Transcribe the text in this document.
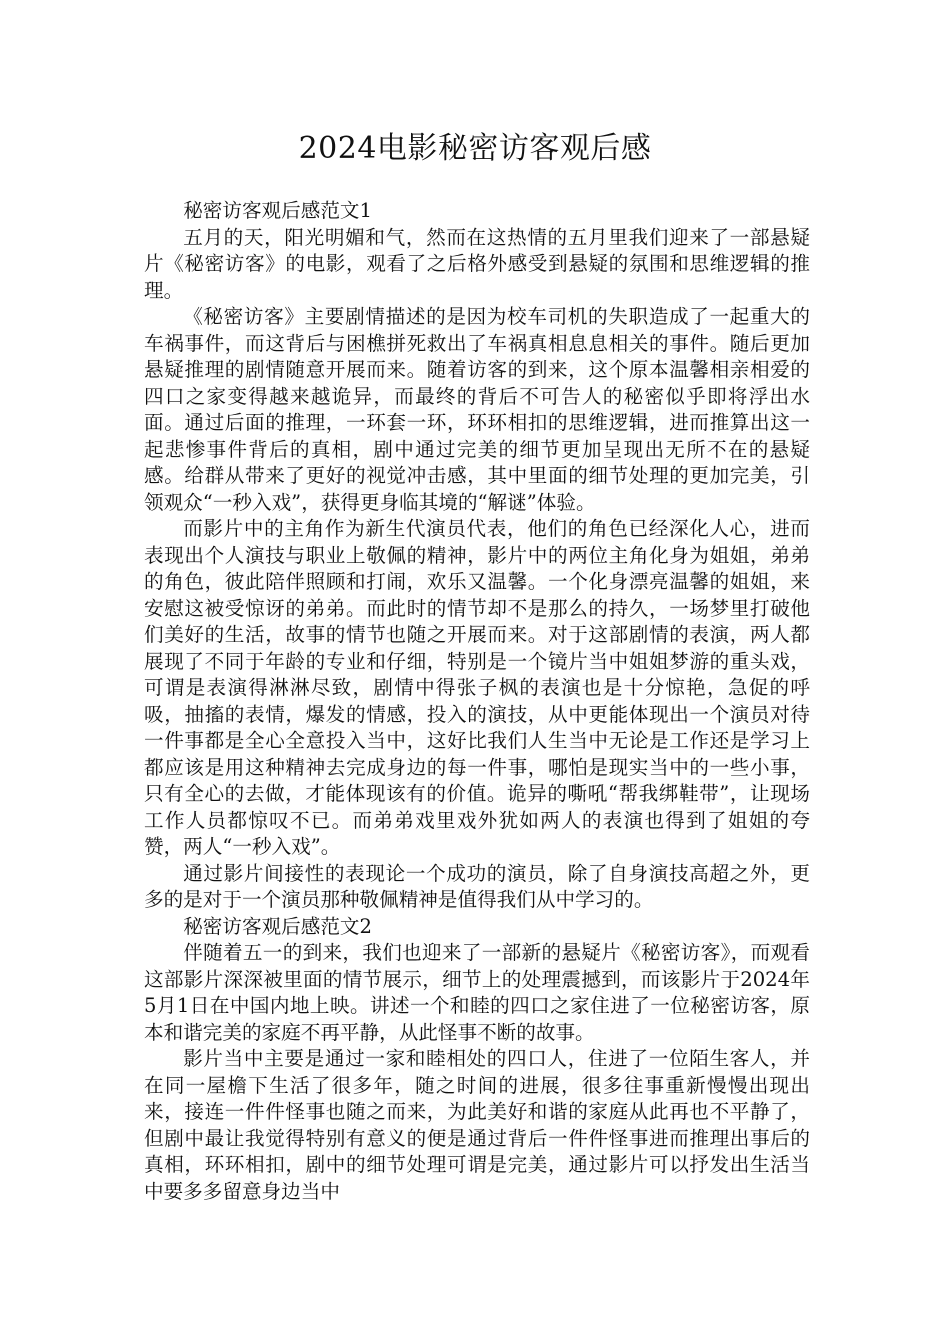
2024电影秘密访客观后感

秘密访客观后感范文1

五月的天，阳光明媚和气，然而在这热情的五月里我们迎来了一部悬疑片《秘密访客》的电影，观看了之后格外感受到悬疑的氛围和思维逻辑的推理。

《秘密访客》主要剧情描述的是因为校车司机的失职造成了一起重大的车祸事件，而这背后与困樵拼死救出了车祸真相息息相关的事件。随后更加悬疑推理的剧情随意开展而来。随着访客的到来，这个原本温馨相亲相爱的四口之家变得越来越诡异，而最终的背后不可告人的秘密似乎即将浮出水面。通过后面的推理，一环套一环，环环相扣的思维逻辑，进而推算出这一起悲惨事件背后的真相，剧中通过完美的细节更加呈现出无所不在的悬疑感。给群从带来了更好的视觉冲击感，其中里面的细节处理的更加完美，引领观众“一秒入戏”，获得更身临其境的“解谜”体验。

而影片中的主角作为新生代演员代表，他们的角色已经深化人心，进而表现出个人演技与职业上敬佩的精神，影片中的两位主角化身为姐姐，弟弟的角色，彼此陪伴照顾和打闹，欢乐又温馨。一个化身漂亮温馨的姐姐，来安慰这被受惊讶的弟弟。而此时的情节却不是那么的持久，一场梦里打破他们美好的生活，故事的情节也随之开展而来。对于这部剧情的表演，两人都展现了不同于年龄的专业和仔细，特别是一个镜片当中姐姐梦游的重头戏，可谓是表演得淋淋尽致，剧情中得张子枫的表演也是十分惊艳，急促的呼吸，抽搐的表情，爆发的情感，投入的演技，从中更能体现出一个演员对待一件事都是全心全意投入当中，这好比我们人生当中无论是工作还是学习上都应该是用这种精神去完成身边的每一件事，哪怕是现实当中的一些小事，只有全心的去做，才能体现该有的价值。诡异的嘶吼“帮我绑鞋带”，让现场工作人员都惊叹不已。而弟弟戏里戏外犹如两人的表演也得到了姐姐的夸赞，两人“一秒入戏”。

通过影片间接性的表现论一个成功的演员，除了自身演技高超之外，更多的是对于一个演员那种敬佩精神是值得我们从中学习的。

秘密访客观后感范文2

伴随着五一的到来，我们也迎来了一部新的悬疑片《秘密访客》，而观看这部影片深深被里面的情节展示，细节上的处理震撼到，而该影片于2024年5月1日在中国内地上映。讲述一个和睦的四口之家住进了一位秘密访客，原本和谐完美的家庭不再平静，从此怪事不断的故事。

影片当中主要是通过一家和睦相处的四口人，住进了一位陌生客人，并在同一屋檐下生活了很多年，随之时间的进展，很多往事重新慢慢出现出来，接连一件件怪事也随之而来，为此美好和谐的家庭从此再也不平静了，但剧中最让我觉得特别有意义的便是通过背后一件件怪事进而推理出事后的真相，环环相扣，剧中的细节处理可谓是完美，通过影片可以抒发出生活当中要多多留意身边当中
